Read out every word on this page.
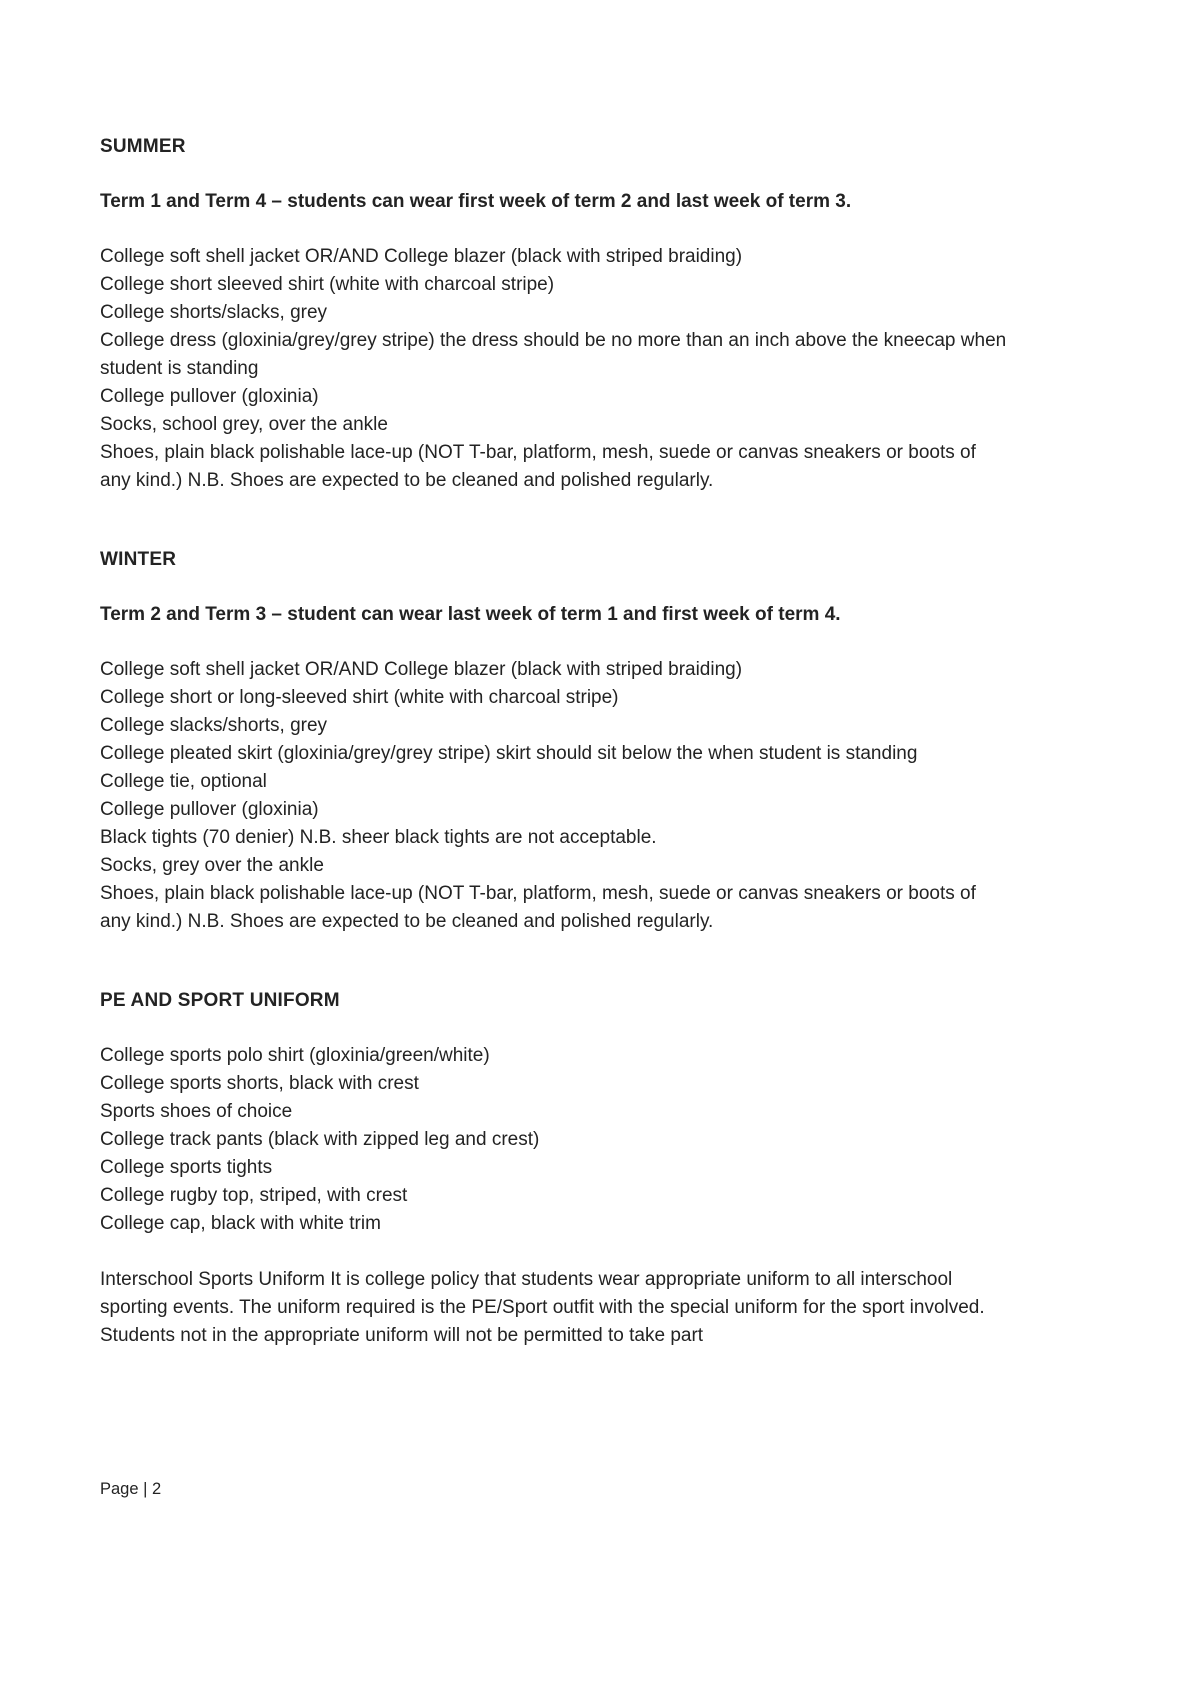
SUMMER

Term 1 and Term 4 – students can wear first week of term 2 and last week of term 3.

College soft shell jacket OR/AND College blazer (black with striped braiding)
College short sleeved shirt (white with charcoal stripe)
College shorts/slacks, grey
College dress (gloxinia/grey/grey stripe) the dress should be no more than an inch above the kneecap when student is standing
College pullover (gloxinia)
Socks, school grey, over the ankle
Shoes, plain black polishable lace-up (NOT T-bar, platform, mesh, suede or canvas sneakers or boots of any kind.) N.B. Shoes are expected to be cleaned and polished regularly.
WINTER

Term 2 and Term 3 – student can wear last week of term 1 and first week of term 4.

College soft shell jacket OR/AND College blazer (black with striped braiding)
College short or long-sleeved shirt (white with charcoal stripe)
College slacks/shorts, grey
College pleated skirt (gloxinia/grey/grey stripe) skirt should sit below the when student is standing
College tie, optional
College pullover (gloxinia)
Black tights (70 denier) N.B. sheer black tights are not acceptable.
Socks, grey over the ankle
Shoes, plain black polishable lace-up (NOT T-bar, platform, mesh, suede or canvas sneakers or boots of any kind.) N.B. Shoes are expected to be cleaned and polished regularly.
PE AND SPORT UNIFORM
College sports polo shirt (gloxinia/green/white)
College sports shorts, black with crest
Sports shoes of choice
College track pants (black with zipped leg and crest)
College sports tights
College rugby top, striped, with crest
College cap, black with white trim

Interschool Sports Uniform It is college policy that students wear appropriate uniform to all interschool sporting events. The uniform required is the PE/Sport outfit with the special uniform for the sport involved. Students not in the appropriate uniform will not be permitted to take part

Page | 2
